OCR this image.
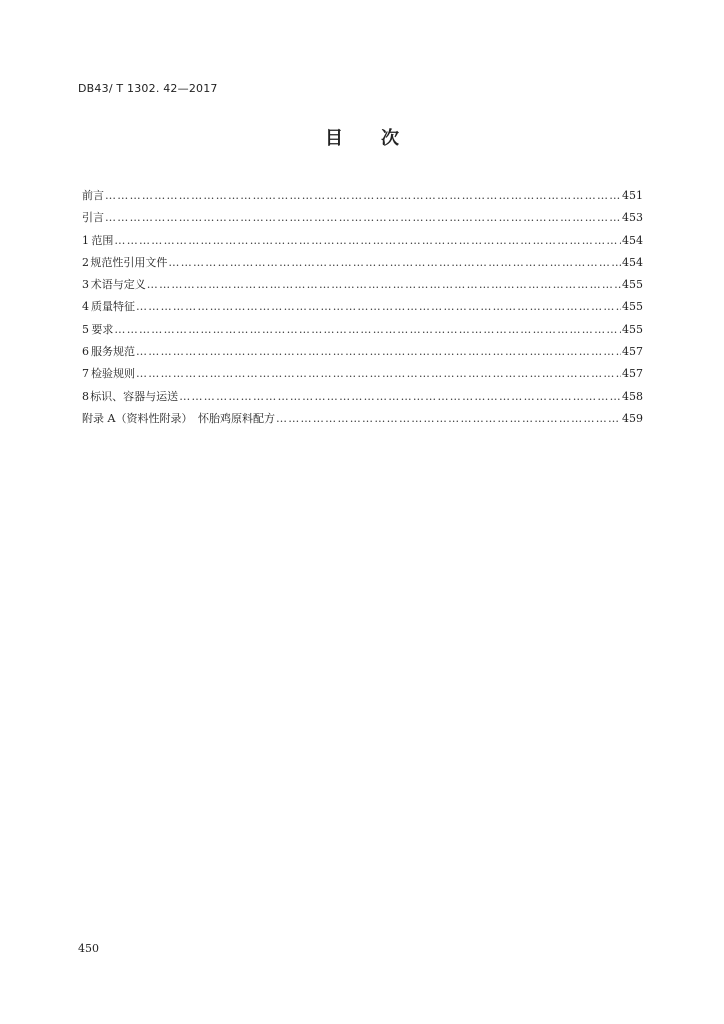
DB43/ T 1302. 42—2017
目次
前言 …………………………………………………………………………………………………………………………………………………………………………………………………………………	451
引言 …………………………………………………………………………………………………………………………………………………………………………………………………………………	453
1 范围 …………………………………………………………………………………………………………………………………………………………………………………………………………………	454
2 规范性引用文件 …………………………………………………………………………………………………………………………………………………………………………………………………………………	454
3 术语与定义 …………………………………………………………………………………………………………………………………………………………………………………………………………………	455
4 质量特征 …………………………………………………………………………………………………………………………………………………………………………………………………………………	455
5 要求 …………………………………………………………………………………………………………………………………………………………………………………………………………………	455
6 服务规范 …………………………………………………………………………………………………………………………………………………………………………………………………………………	457
7 检验规则 …………………………………………………………………………………………………………………………………………………………………………………………………………………	457
8 标识、容器与运送 …………………………………………………………………………………………………………………………………………………………………………………………………………………	458
附录 A（资料性附录）　怀胎鸡原料配方 …………………………………………………………………………………………………………………………………………………………………………………………………………………	459
450
